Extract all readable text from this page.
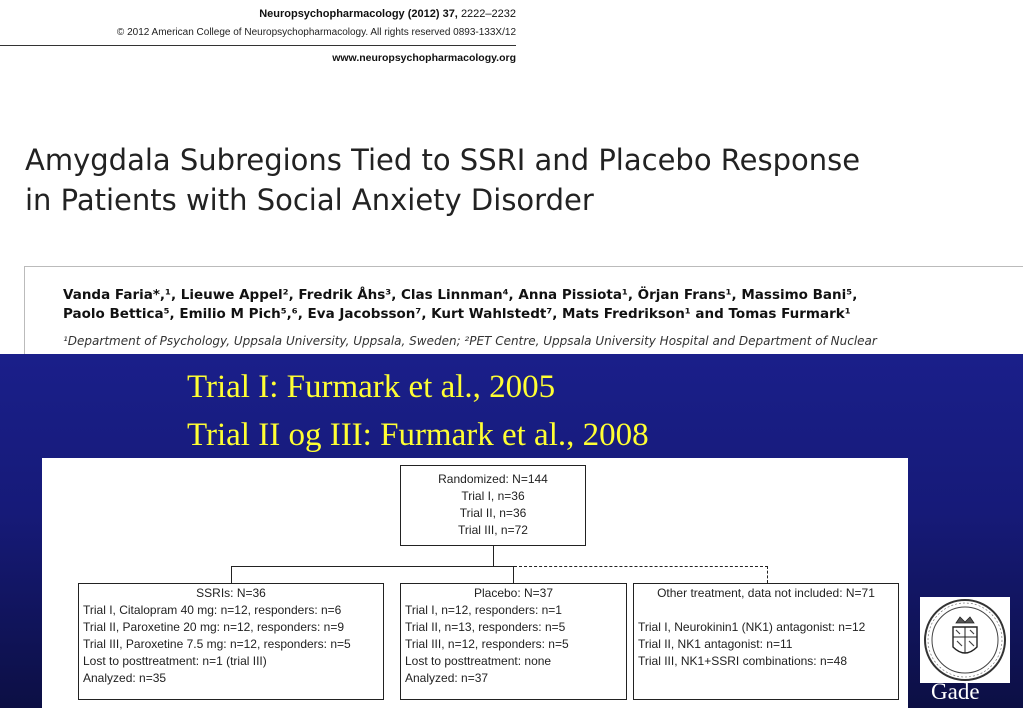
Neuropsychopharmacology (2012) 37, 2222–2232
© 2012 American College of Neuropsychopharmacology. All rights reserved 0893-133X/12
www.neuropsychopharmacology.org
Amygdala Subregions Tied to SSRI and Placebo Response
in Patients with Social Anxiety Disorder
Vanda Faria*,¹, Lieuwe Appel², Fredrik Åhs³, Clas Linnman⁴, Anna Pissiota¹, Örjan Frans¹, Massimo Bani⁵,
Paolo Bettica⁵, Emilio M Pich⁵,⁶, Eva Jacobsson⁷, Kurt Wahlstedt⁷, Mats Fredrikson¹ and Tomas Furmark¹
¹Department of Psychology, Uppsala University, Uppsala, Sweden; ²PET Centre, Uppsala University Hospital and Department of Nuclear
Trial I: Furmark et al., 2005
Trial II og III: Furmark et al., 2008
Randomized: N=144
Trial I, n=36
Trial II, n=36
Trial III, n=72
SSRIs: N=36
Trial I, Citalopram 40 mg: n=12, responders: n=6
Trial II, Paroxetine 20 mg: n=12, responders: n=9
Trial III, Paroxetine 7.5 mg: n=12, responders: n=5
Lost to posttreatment: n=1 (trial III)
Analyzed: n=35
Placebo: N=37
Trial I, n=12, responders: n=1
Trial II, n=13, responders: n=5
Trial III, n=12, responders: n=5
Lost to posttreatment: none
Analyzed: n=37
Other treatment, data not included: N=71
Trial I, Neurokinin1 (NK1) antagonist: n=12
Trial II, NK1 antagonist: n=11
Trial III, NK1+SSRI combinations: n=48
Gade
